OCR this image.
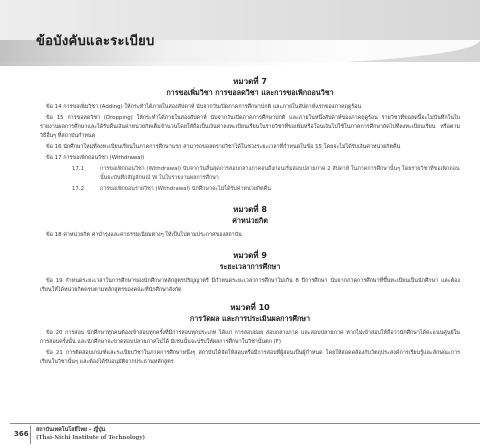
ข้อบังคับและระเบียบ
หมวดที่ 7
การขอเพิ่มวิชา การขอลดวิชา และการขอเพิกถอนวิชา

ข้อ 14 การขอเพิ่มวิชา (Adding) ให้กระทำได้ภายในสองสัปดาห์ นับจากวันเปิดภาคการศึกษาปกติ และภายในสัปดาห์แรกของภาคฤดูร้อน

ข้อ 15 การขอลดวิชา (Dropping) ให้กระทำได้ภายในสองสัปดาห์ นับจากวันเปิดภาคการศึกษาปกติ และภายในหนึ่งสัปดาห์ของภาคฤดูร้อน รายวิชาที่ขอลดนี้จะไม่บันทึกในใบรายงานผลการศึกษาและได้รับคืนเงินค่าหน่วยกิตเต็มจำนวนโดยให้ถือเป็นเงินค่าลงทะเบียนเรียนในรายวิชาที่ขอเพิ่มหรือโอนเงินไปใช้ในภาคการศึกษาถัดไปที่ลงทะเบียนเรียน หรือตามวิธีอื่นๆ ที่สถาบันกำหนด

ข้อ 16 นักศึกษาใหม่ที่ลงทะเบียนเรียนในภาคการศึกษาแรก สามารถขอลดรายวิชาได้ในช่วงระยะเวลาที่กำหนดในข้อ 15 โดยจะไม่ได้รับเงินค่าหน่วยกิตคืน

ข้อ 17 การขอเพิกถอนวิชา (Withdrawal)

17.1	การขอเพิกถอนวิชา (Withdrawal) นับจากวันสิ้นสุดการสอบกลางภาคจนถึงก่อนเริ่มสอบปลายภาค 2 สัปดาห์ ในภาคการศึกษานั้นๆ โดยรายวิชาที่ขอเพิกถอนนั้นจะบันทึกสัญลักษณ์ W ในใบรายงานผลการศึกษา
17.2	การขอเพิกถอนรายวิชา (Withdrawal) นักศึกษาจะไม่ได้รับค่าหน่วยกิตคืน
หมวดที่ 8
ค่าหน่วยกิต

ข้อ 18 ค่าหน่วยกิต ค่าบำรุงและค่าธรรมเนียมต่างๆ ให้เป็นไปตามประกาศของสถาบัน

หมวดที่ 9
ระยะเวลาการศึกษา

ข้อ 19 กำหนดระยะเวลาในการศึกษาของนักศึกษาหลักสูตรปริญญาตรี มีกำหนดระยะเวลาการศึกษาไม่เกิน 8 ปีการศึกษา นับจากภาคการศึกษาที่ขึ้นทะเบียนเป็นนักศึกษา และต้องเรียนให้ได้หน่วยกิตครบตามหลักสูตรของคณะที่นักศึกษาสังกัด

หมวดที่ 10
การวัดผล และการประเมินผลการศึกษา

ข้อ 20 การสอบ นักศึกษาทุกคนต้องเข้าสอบทุกครั้งที่มีการสอบทุกประเภท ได้แก่ การสอบย่อย สอบกลางภาค และสอบปลายภาค หากไม่เข้าสอบให้ถือว่านักศึกษาได้คะแนนศูนย์ในการสอบครั้งนั้น และนักศึกษาจะขาดสอบปลายภาคไม่ได้ มิเช่นนั้นจะปรับให้ผลการศึกษาในวิชานั้นตก (F)

ข้อ 21 การติดสอบเกณฑ์และระเบียบวิชาในภาคการศึกษาหนึ่งๆ สถาบันได้จัดให้สอบหรือมีการสอบที่ผู้สอนเป็นผู้กำหนด โดยให้สอดคล้องกับวัตถุประสงค์การเรียนรู้และลักษณะการเรียนในวิชานั้นๆ และต้องได้รับอนุมัติจากประธานหลักสูตร

366 สถาบันเทคโนโลยีไทย – ญี่ปุ่น
(Thai-Nichi Institute of Technology)
